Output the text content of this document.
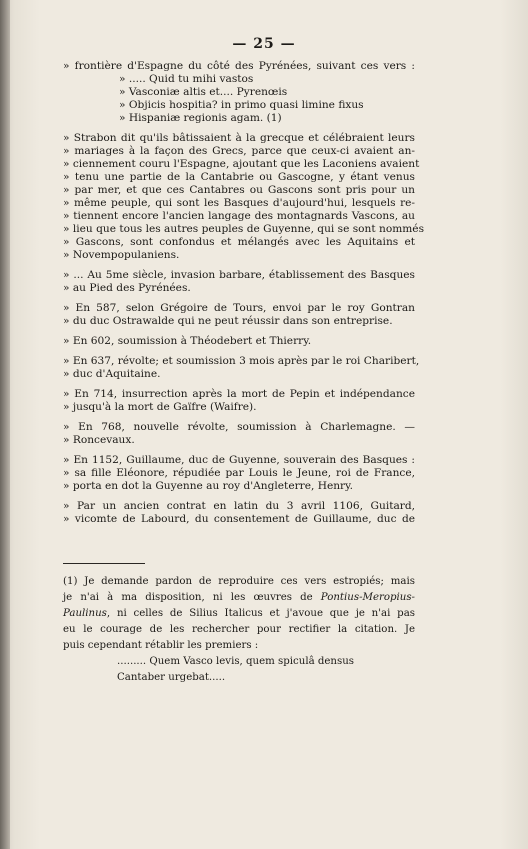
— 25 —
» frontière d'Espagne du côté des Pyrénées, suivant ces vers :
» ..... Quid tu mihi vastos
» Vasconiæ altis et.... Pyrenœis
» Objicis hospitia? in primo quasi limine fixus
» Hispaniæ regionis agam. (1)
» Strabon dit qu'ils bâtissaient à la grecque et célébraient leurs
» mariages à la façon des Grecs, parce que ceux-ci avaient an-
» ciennement couru l'Espagne, ajoutant que les Laconiens avaient
» tenu une partie de la Cantabrie ou Gascogne, y étant venus
» par mer, et que ces Cantabres ou Gascons sont pris pour un
» même peuple, qui sont les Basques d'aujourd'hui, lesquels re-
» tiennent encore l'ancien langage des montagnards Vascons, au
» lieu que tous les autres peuples de Guyenne, qui se sont nommés
» Gascons, sont confondus et mélangés avec les Aquitains et
» Novempopulaniens.
» ... Au 5me siècle, invasion barbare, établissement des Basques
» au Pied des Pyrénées.
» En 587, selon Grégoire de Tours, envoi par le roy Gontran
» du duc Ostrawalde qui ne peut réussir dans son entreprise.
» En 602, soumission à Théodebert et Thierry.
» En 637, révolte; et soumission 3 mois après par le roi Charibert,
» duc d'Aquitaine.
» En 714, insurrection après la mort de Pepin et indépendance
» jusqu'à la mort de Gaïfre (Waifre).
» En 768, nouvelle révolte, soumission à Charlemagne. —
» Roncevaux.
» En 1152, Guillaume, duc de Guyenne, souverain des Basques :
» sa fille Eléonore, répudiée par Louis le Jeune, roi de France,
» porta en dot la Guyenne au roy d'Angleterre, Henry.
» Par un ancien contrat en latin du 3 avril 1106, Guitard,
» vicomte de Labourd, du consentement de Guillaume, duc de
(1) Je demande pardon de reproduire ces vers estropiés; mais
je n'ai à ma disposition, ni les œuvres de Pontius-Meropius-
Paulinus, ni celles de Silius Italicus et j'avoue que je n'ai pas
eu le courage de les rechercher pour rectifier la citation. Je
puis cependant rétablir les premiers :
......... Quem Vasco levis, quem spiculâ densus
Cantaber urgebat.....
